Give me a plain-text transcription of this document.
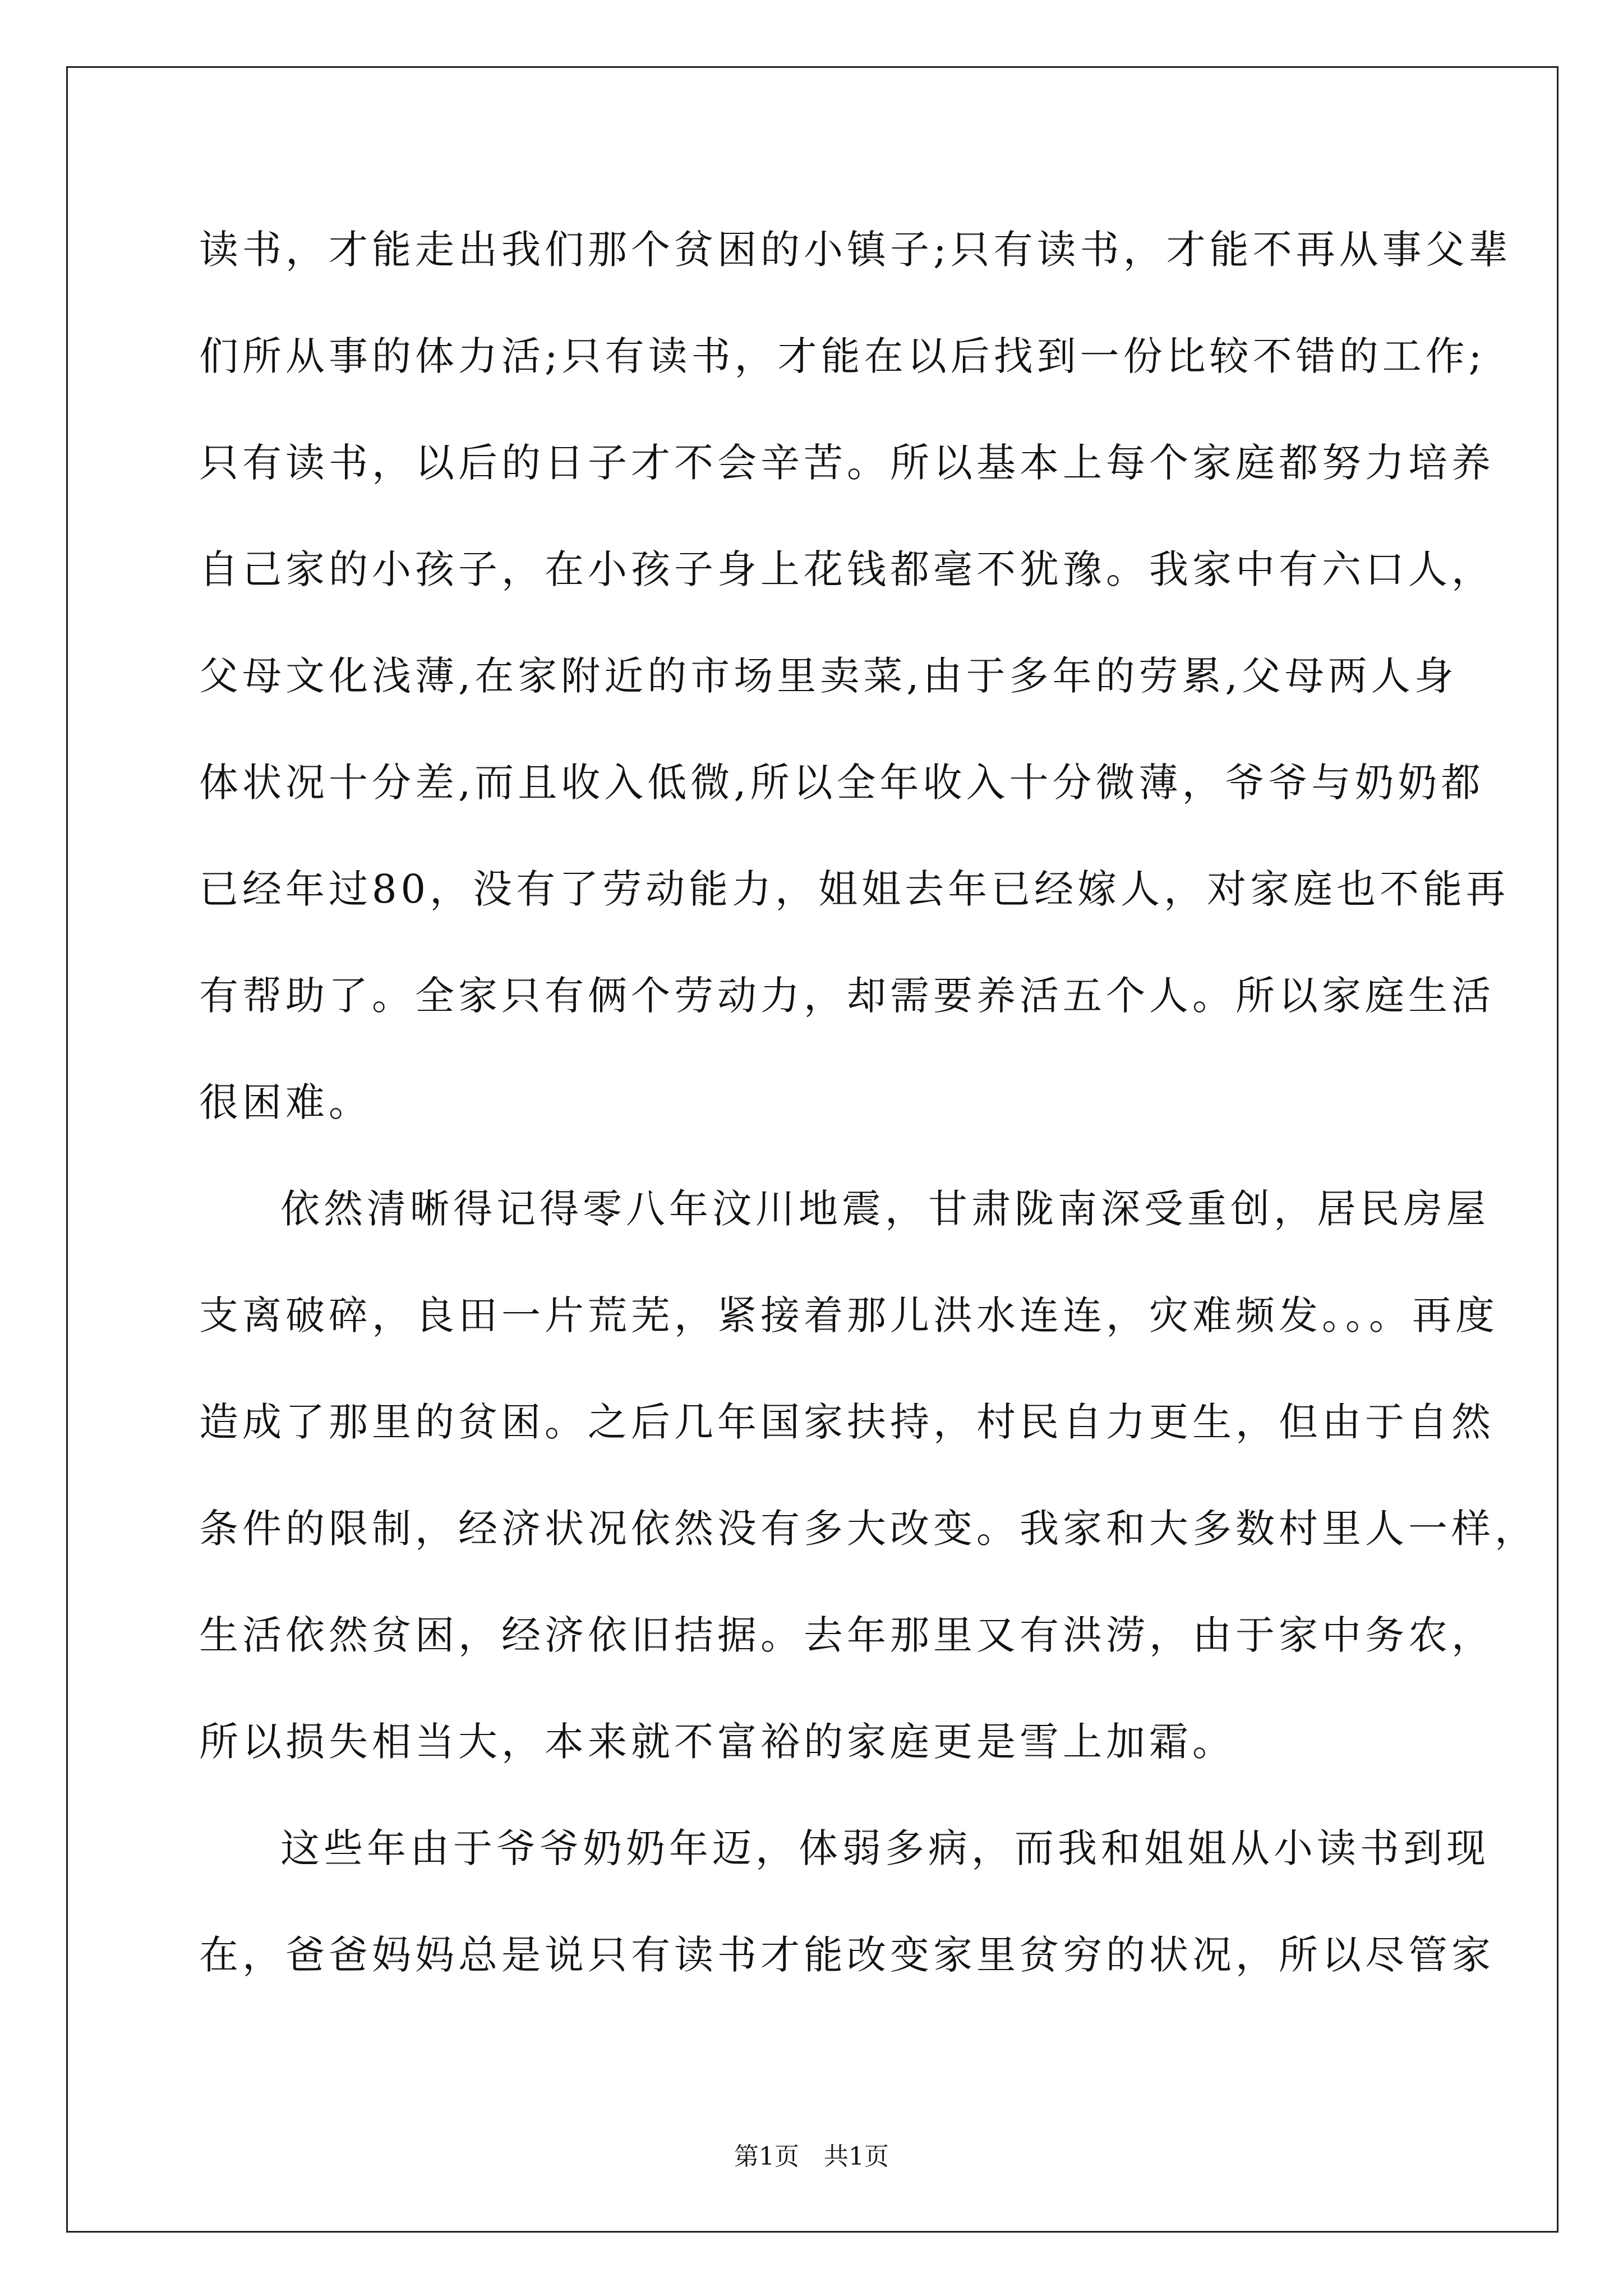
读书，才能走出我们那个贫困的小镇子;只有读书，才能不再从事父辈
们所从事的体力活;只有读书，才能在以后找到一份比较不错的工作;
只有读书，以后的日子才不会辛苦。所以基本上每个家庭都努力培养
自己家的小孩子，在小孩子身上花钱都毫不犹豫。我家中有六口人，
父母文化浅薄,在家附近的市场里卖菜,由于多年的劳累,父母两人身
体状况十分差,而且收入低微,所以全年收入十分微薄，爷爷与奶奶都
已经年过80，没有了劳动能力，姐姐去年已经嫁人，对家庭也不能再
有帮助了。全家只有俩个劳动力，却需要养活五个人。所以家庭生活
很困难。
依然清晰得记得零八年汶川地震，甘肃陇南深受重创，居民房屋
支离破碎，良田一片荒芜，紧接着那儿洪水连连，灾难频发。。。再度
造成了那里的贫困。之后几年国家扶持，村民自力更生，但由于自然
条件的限制，经济状况依然没有多大改变。我家和大多数村里人一样，
生活依然贫困，经济依旧拮据。去年那里又有洪涝，由于家中务农，
所以损失相当大，本来就不富裕的家庭更是雪上加霜。
这些年由于爷爷奶奶年迈，体弱多病，而我和姐姐从小读书到现
在，爸爸妈妈总是说只有读书才能改变家里贫穷的状况，所以尽管家
第1页　共1页
